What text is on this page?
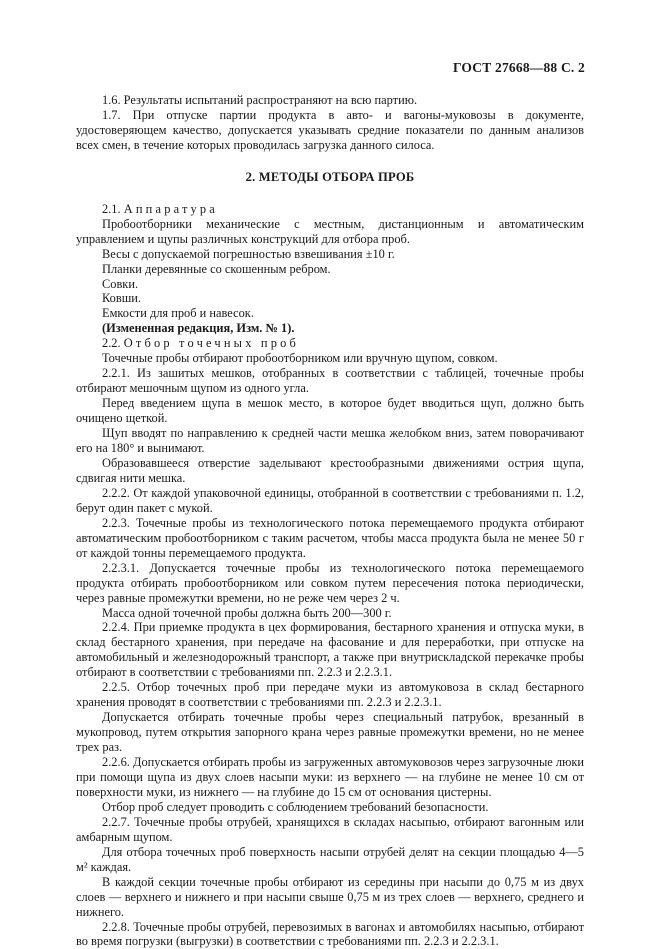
ГОСТ 27668—88 С. 2

1.6. Результаты испытаний распространяют на всю партию.

1.7. При отпуске партии продукта в авто- и вагоны-муковозы в документе, удостоверяющем качество, допускается указывать средние показатели по данным анализов всех смен, в течение которых проводилась загрузка данного силоса.

2. МЕТОДЫ ОТБОРА ПРОБ

2.1. Аппаратура

Пробоотборники механические с местным, дистанционным и автоматическим управлением и щупы различных конструкций для отбора проб.

Весы с допускаемой погрешностью взвешивания ±10 г.

Планки деревянные со скошенным ребром.

Совки.

Ковши.

Емкости для проб и навесок.

(Измененная редакция, Изм. № 1).

2.2. Отбор точечных проб

Точечные пробы отбирают пробоотборником или вручную щупом, совком.

2.2.1. Из зашитых мешков, отобранных в соответствии с таблицей, точечные пробы отбирают мешочным щупом из одного угла.

Перед введением щупа в мешок место, в которое будет вводиться щуп, должно быть очищено щеткой.

Щуп вводят по направлению к средней части мешка желобком вниз, затем поворачивают его на 180° и вынимают.

Образовавшееся отверстие заделывают крестообразными движениями острия щупа, сдвигая нити мешка.

2.2.2. От каждой упаковочной единицы, отобранной в соответствии с требованиями п. 1.2, берут один пакет с мукой.

2.2.3. Точечные пробы из технологического потока перемещаемого продукта отбирают автоматическим пробоотборником с таким расчетом, чтобы масса продукта была не менее 50 г от каждой тонны перемещаемого продукта.

2.2.3.1. Допускается точечные пробы из технологического потока перемещаемого продукта отбирать пробоотборником или совком путем пересечения потока периодически, через равные промежутки времени, но не реже чем через 2 ч.

Масса одной точечной пробы должна быть 200—300 г.

2.2.4. При приемке продукта в цех формирования, бестарного хранения и отпуска муки, в склад бестарного хранения, при передаче на фасование и для переработки, при отпуске на автомобильный и железнодорожный транспорт, а также при внутрискладской перекачке пробы отбирают в соответствии с требованиями пп. 2.2.3 и 2.2.3.1.

2.2.5. Отбор точечных проб при передаче муки из автомуковоза в склад бестарного хранения проводят в соответствии с требованиями пп. 2.2.3 и 2.2.3.1.

Допускается отбирать точечные пробы через специальный патрубок, врезанный в мукопровод, путем открытия запорного крана через равные промежутки времени, но не менее трех раз.

2.2.6. Допускается отбирать пробы из загруженных автомуковозов через загрузочные люки при помощи щупа из двух слоев насыпи муки: из верхнего — на глубине не менее 10 см от поверхности муки, из нижнего — на глубине до 15 см от основания цистерны.

Отбор проб следует проводить с соблюдением требований безопасности.

2.2.7. Точечные пробы отрубей, хранящихся в складах насыпью, отбирают вагонным или амбарным щупом.

Для отбора точечных проб поверхность насыпи отрубей делят на секции площадью 4—5 м² каждая.

В каждой секции точечные пробы отбирают из середины при насыпи до 0,75 м из двух слоев — верхнего и нижнего и при насыпи свыше 0,75 м из трех слоев — верхнего, среднего и нижнего.

2.2.8. Точечные пробы отрубей, перевозимых в вагонах и автомобилях насыпью, отбирают во время погрузки (выгрузки) в соответствии с требованиями пп. 2.2.3 и 2.2.3.1.
